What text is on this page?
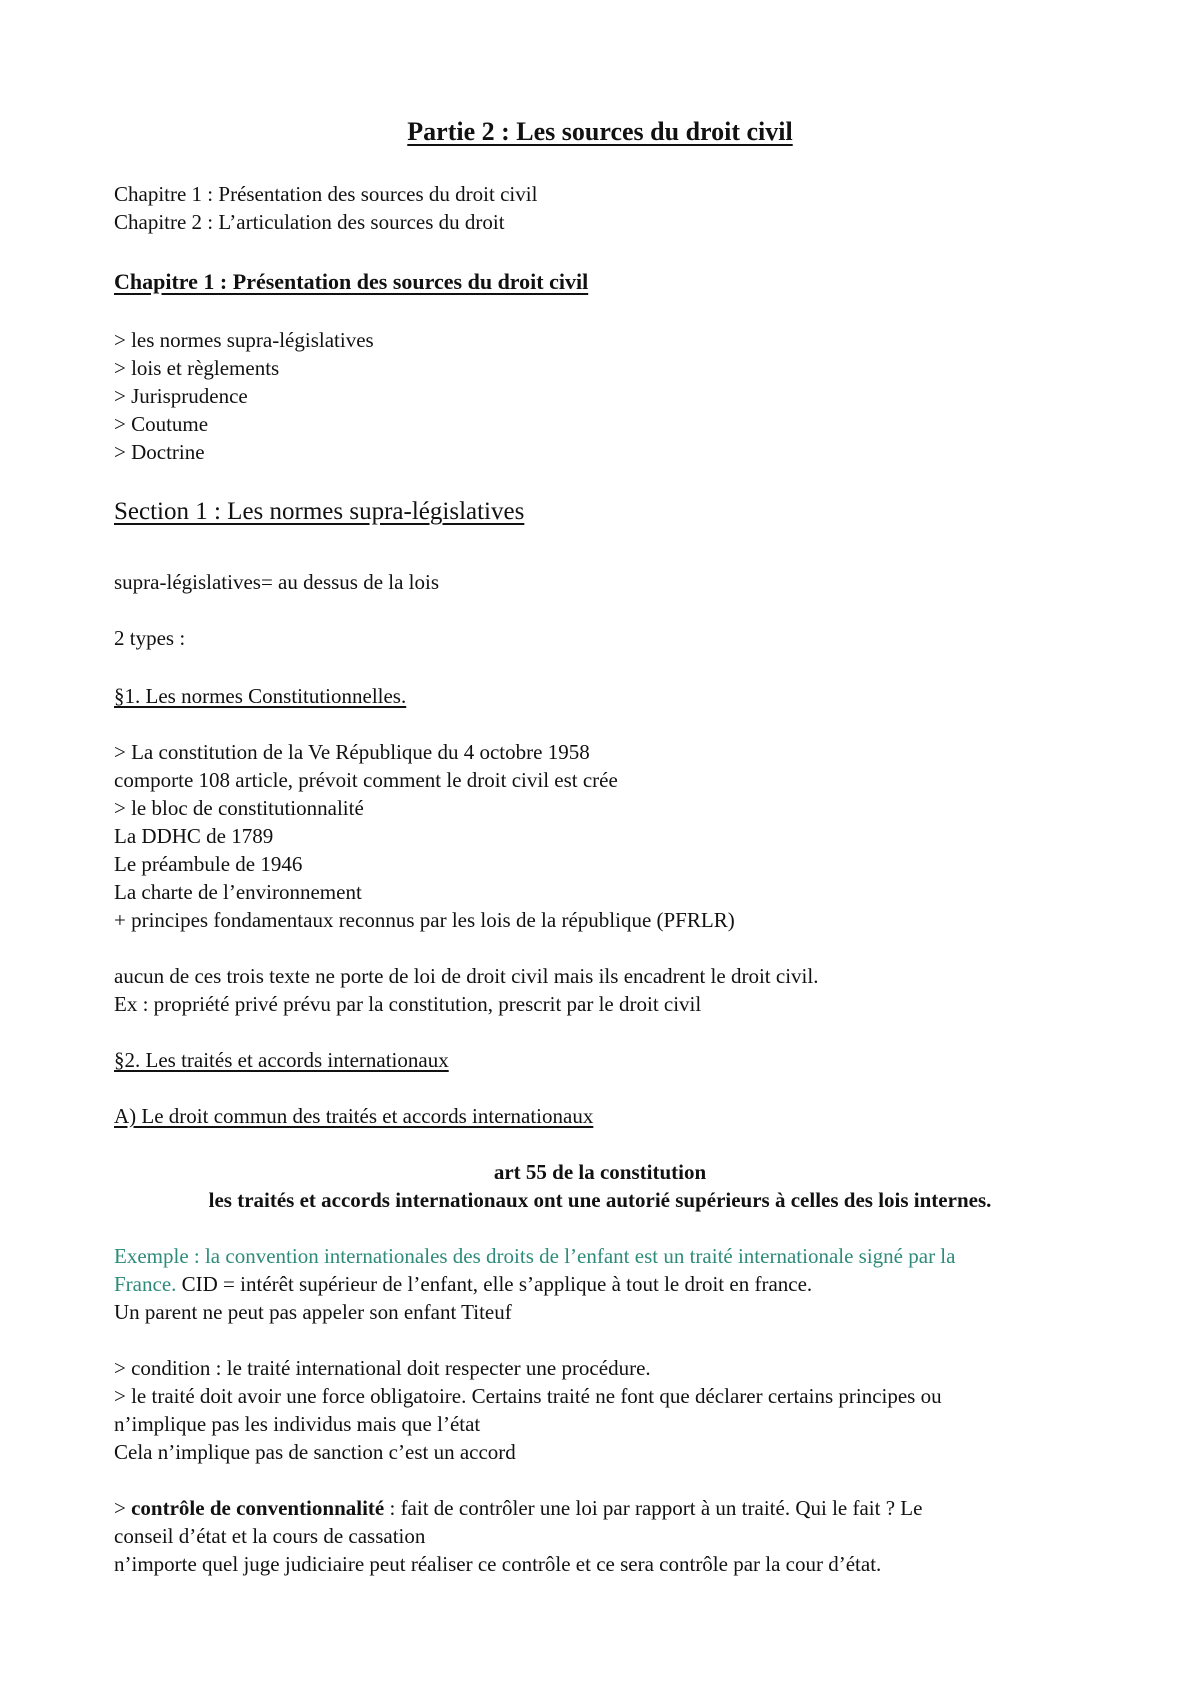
Partie 2 : Les sources du droit civil
Chapitre 1 : Présentation des sources du droit civil
Chapitre 2 : L’articulation des sources du droit
Chapitre 1 : Présentation des sources du droit civil
> les normes supra-législatives
> lois et règlements
> Jurisprudence
> Coutume
> Doctrine
Section 1 : Les normes supra-législatives
supra-législatives= au dessus de la lois
2 types :
§1. Les normes Constitutionnelles.
> La constitution de la Ve République du 4 octobre 1958
comporte 108 article, prévoit comment le droit civil est crée
> le bloc de constitutionnalité
La DDHC de 1789
Le préambule de 1946
La charte de l’environnement
+ principes fondamentaux reconnus par les lois de la république (PFRLR)
aucun de ces trois texte ne porte de loi de droit civil mais ils encadrent le droit civil.
Ex : propriété privé prévu par la constitution, prescrit par le droit civil
§2. Les traités et accords internationaux
A) Le droit commun des traités et accords internationaux
art 55 de la constitution
les traités et accords internationaux ont une autorié supérieurs à celles des lois internes.
Exemple : la convention internationales des droits de l’enfant est un traité internationale signé par la
France. CID = intérêt supérieur de l’enfant, elle s’applique à tout le droit en france.
Un parent ne peut pas appeler son enfant Titeuf
> condition : le traité international doit respecter une procédure.
> le traité doit avoir une force obligatoire. Certains traité ne font que déclarer certains principes ou
n’implique pas les individus mais que l’état
Cela n’implique pas de sanction c’est un accord
> contrôle de conventionnalité : fait de contrôler une loi par rapport à un traité. Qui le fait ? Le
conseil d’état et la cours de cassation
n’importe quel juge judiciaire peut réaliser ce contrôle et ce sera contrôle par la cour d’état.
